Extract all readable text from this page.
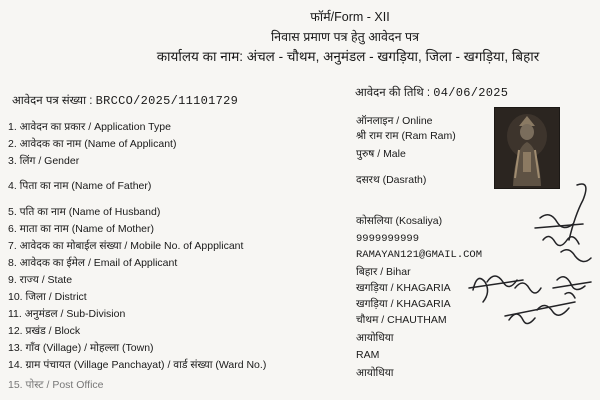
फॉर्म/Form - XII
निवास प्रमाण पत्र हेतु आवेदन पत्र
कार्यालय का नाम: अंचल - चौथम, अनुमंडल - खगड़िया, जिला - खगड़िया, बिहार
आवेदन पत्र संख्या : BRCCO/2025/11101729
आवेदन की तिथि : 04/06/2025
1. आवेदन का प्रकार / Application Type	ऑनलाइन / Online
2. आवेदक का नाम (Name of Applicant)
श्री राम राम (Ram Ram)
3. लिंग / Gender
पुरुष / Male
4. पिता का नाम (Name of Father)	दसरथ (Dasrath)
5. पति का नाम (Name of Husband)
6. माता का नाम (Name of Mother)
कोसलिया (Kosaliya)
7. आवेदक का मोबाईल संख्या / Mobile No. of Appplicant
9999999999
8. आवेदक का ईमेल / Email of Applicant
RAMAYAN121@GMAIL.COM
9. राज्य / State
बिहार / Bihar
10. जिला / District
खगड़िया / KHAGARIA
11. अनुमंडल / Sub-Division
खगड़िया / KHAGARIA
12. प्रखंड / Block
चौथम / CHAUTHAM
13. गाँव (Village) / मोहल्ला (Town)
आयोधिया
14. ग्राम पंचायत (Village Panchayat) / वार्ड संख्या (Ward No.)
RAM
15. पोस्ट / Post Office
आयोधिया
